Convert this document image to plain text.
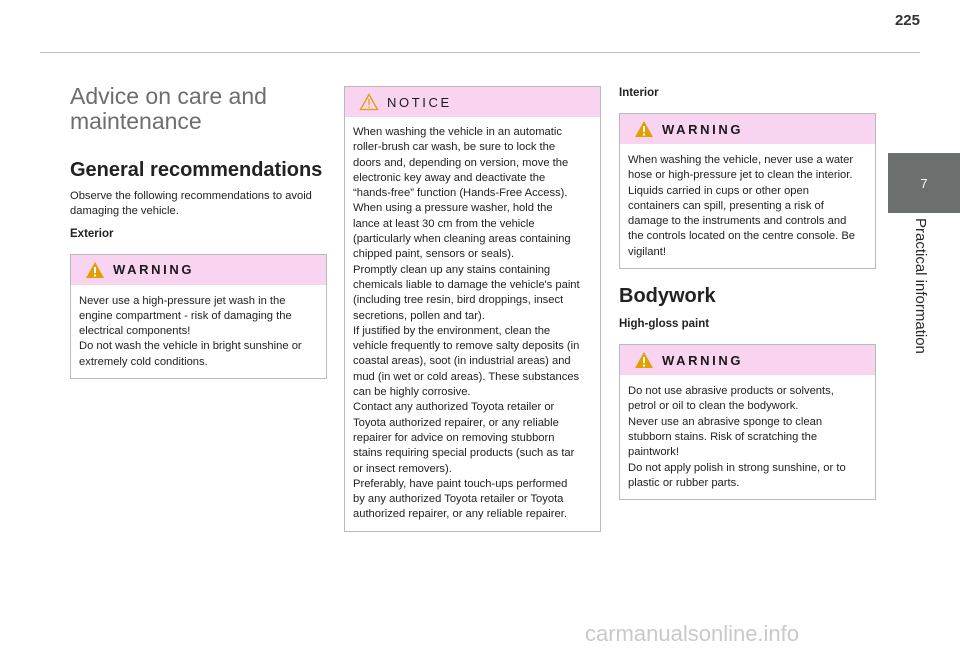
225
Advice on care and
maintenance
General recommendations
Observe the following recommendations to avoid
damaging the vehicle.
Exterior
WARNING
Never use a high-pressure jet wash in the
engine compartment - risk of damaging the
electrical components!
Do not wash the vehicle in bright sunshine or
extremely cold conditions.
NOTICE
When washing the vehicle in an automatic
roller-brush car wash, be sure to lock the
doors and, depending on version, move the
electronic key away and deactivate the
“hands-free” function (Hands-Free Access).
When using a pressure washer, hold the
lance at least 30 cm from the vehicle
(particularly when cleaning areas containing
chipped paint, sensors or seals).
Promptly clean up any stains containing
chemicals liable to damage the vehicle's paint
(including tree resin, bird droppings, insect
secretions, pollen and tar).
If justified by the environment, clean the
vehicle frequently to remove salty deposits (in
coastal areas), soot (in industrial areas) and
mud (in wet or cold areas). These substances
can be highly corrosive.
Contact any authorized Toyota retailer or
Toyota authorized repairer, or any reliable
repairer for advice on removing stubborn
stains requiring special products (such as tar
or insect removers).
Preferably, have paint touch-ups performed
by any authorized Toyota retailer or Toyota
authorized repairer, or any reliable repairer.
Interior
WARNING
When washing the vehicle, never use a water
hose or high-pressure jet to clean the interior.
Liquids carried in cups or other open
containers can spill, presenting a risk of
damage to the instruments and controls and
the controls located on the centre console. Be
vigilant!
Bodywork
High-gloss paint
WARNING
Do not use abrasive products or solvents,
petrol or oil to clean the bodywork.
Never use an abrasive sponge to clean
stubborn stains. Risk of scratching the
paintwork!
Do not apply polish in strong sunshine, or to
plastic or rubber parts.
7
Practical information
carmanualsonline.info
